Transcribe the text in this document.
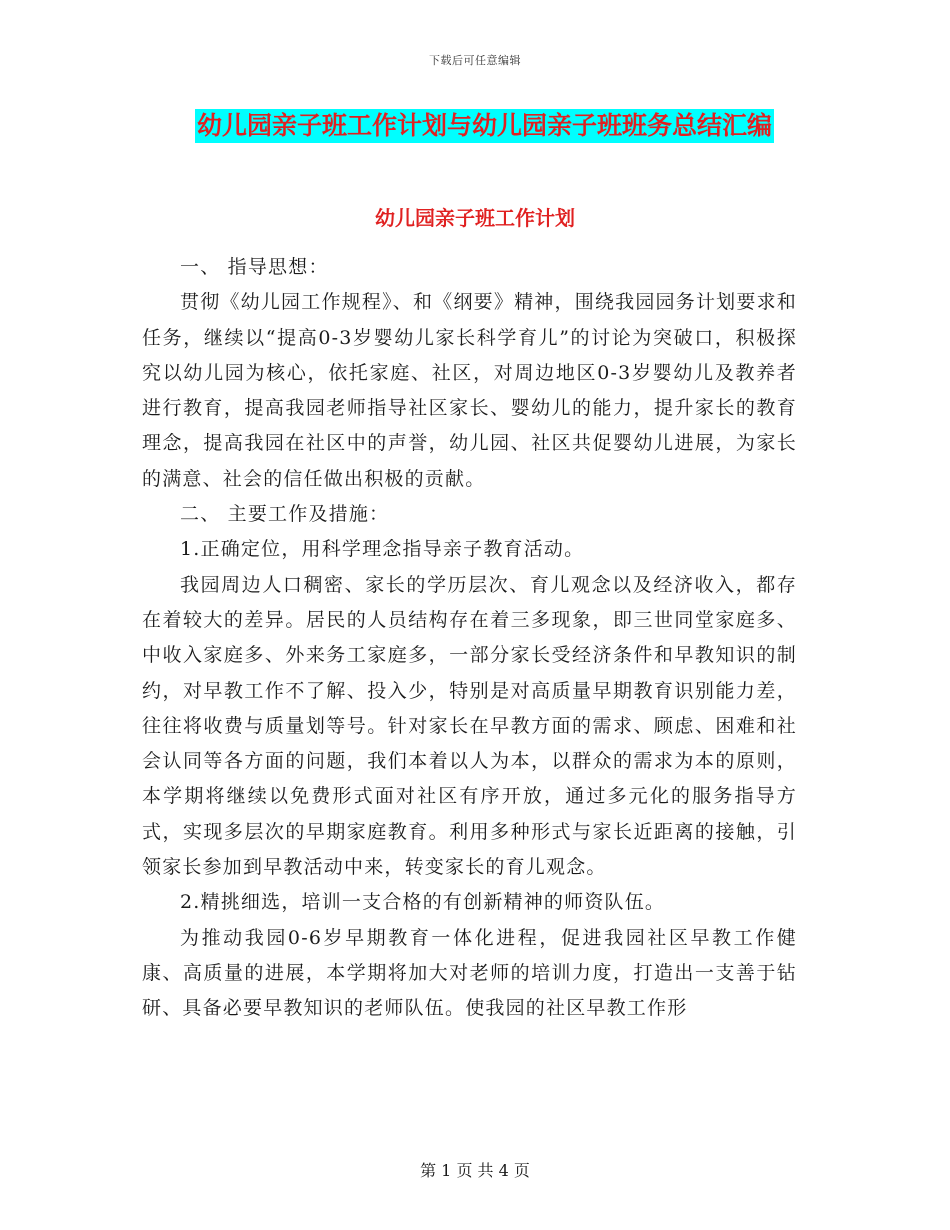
下载后可任意编辑
幼儿园亲子班工作计划与幼儿园亲子班班务总结汇编
幼儿园亲子班工作计划

一、 指导思想：

贯彻《幼儿园工作规程》、和《纲要》精神，围绕我园园务计划要求和任务，继续以“提高0-3岁婴幼儿家长科学育儿”的讨论为突破口，积极探究以幼儿园为核心，依托家庭、社区，对周边地区0-3岁婴幼儿及教养者进行教育，提高我园老师指导社区家长、婴幼儿的能力，提升家长的教育理念，提高我园在社区中的声誉，幼儿园、社区共促婴幼儿进展，为家长的满意、社会的信任做出积极的贡献。

二、 主要工作及措施：

1.正确定位，用科学理念指导亲子教育活动。

我园周边人口稠密、家长的学历层次、育儿观念以及经济收入，都存在着较大的差异。居民的人员结构存在着三多现象，即三世同堂家庭多、中收入家庭多、外来务工家庭多，一部分家长受经济条件和早教知识的制约，对早教工作不了解、投入少，特别是对高质量早期教育识别能力差，往往将收费与质量划等号。针对家长在早教方面的需求、顾虑、困难和社会认同等各方面的问题，我们本着以人为本，以群众的需求为本的原则，本学期将继续以免费形式面对社区有序开放，通过多元化的服务指导方式，实现多层次的早期家庭教育。利用多种形式与家长近距离的接触，引领家长参加到早教活动中来，转变家长的育儿观念。

2.精挑细选，培训一支合格的有创新精神的师资队伍。

为推动我园0-6岁早期教育一体化进程，促进我园社区早教工作健康、高质量的进展，本学期将加大对老师的培训力度，打造出一支善于钻研、具备必要早教知识的老师队伍。使我园的社区早教工作形

第 1 页 共 4 页
